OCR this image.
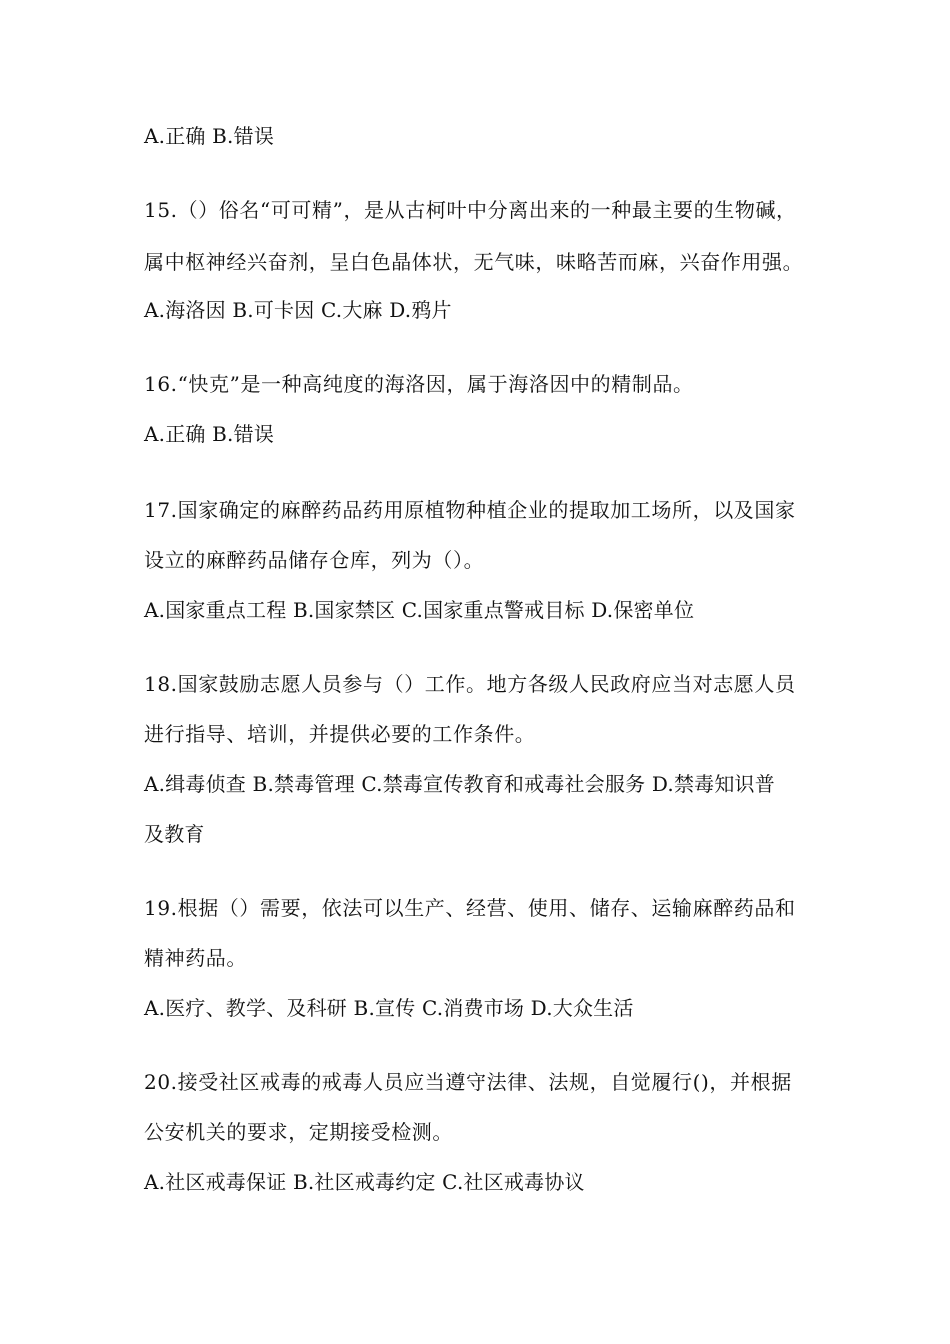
A.正确 B.错误
15.（）俗名“可可精”，是从古柯叶中分离出来的一种最主要的生物碱，
属中枢神经兴奋剂，呈白色晶体状，无气味，味略苦而麻，兴奋作用强。
A.海洛因 B.可卡因 C.大麻 D.鸦片
16.“快克”是一种高纯度的海洛因，属于海洛因中的精制品。
A.正确 B.错误
17.国家确定的麻醉药品药用原植物种植企业的提取加工场所，以及国家
设立的麻醉药品储存仓库，列为（）。
A.国家重点工程 B.国家禁区 C.国家重点警戒目标 D.保密单位
18.国家鼓励志愿人员参与（）工作。地方各级人民政府应当对志愿人员
进行指导、培训，并提供必要的工作条件。
A.缉毒侦查 B.禁毒管理 C.禁毒宣传教育和戒毒社会服务 D.禁毒知识普
及教育
19.根据（）需要，依法可以生产、经营、使用、储存、运输麻醉药品和
精神药品。
A.医疗、教学、及科研 B.宣传 C.消费市场 D.大众生活
20.接受社区戒毒的戒毒人员应当遵守法律、法规，自觉履行()，并根据
公安机关的要求，定期接受检测。
A.社区戒毒保证 B.社区戒毒约定 C.社区戒毒协议
